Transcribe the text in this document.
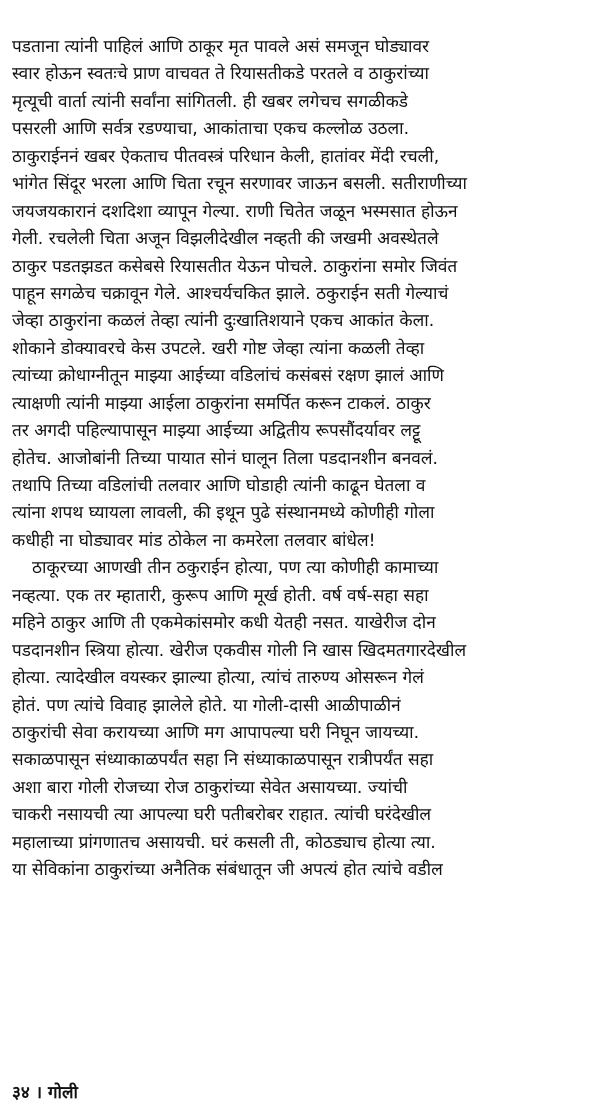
पडताना त्यांनी पाहिलं आणि ठाकूर मृत पावले असं समजून घोड्यावर
स्वार होऊन स्वतःचे प्राण वाचवत ते रियासतीकडे परतले व ठाकुरांच्या
मृत्यूची वार्ता त्यांनी सर्वांना सांगितली. ही खबर लगेचच सगळीकडे
पसरली आणि सर्वत्र रडण्याचा, आकांताचा एकच कल्लोळ उठला.
ठाकुराईननं खबर ऐकताच पीतवस्त्रं परिधान केली, हातांवर मेंदी रचली,
भांगेत सिंदूर भरला आणि चिता रचून सरणावर जाऊन बसली. सतीराणीच्या
जयजयकारानं दशदिशा व्यापून गेल्या. राणी चितेत जळून भस्मसात होऊन
गेली. रचलेली चिता अजून विझलीदेखील नव्हती की जखमी अवस्थेतले
ठाकुर पडतझडत कसेबसे रियासतीत येऊन पोचले. ठाकुरांना समोर जिवंत
पाहून सगळेच चक्रावून गेले. आश्चर्यचकित झाले. ठकुराईन सती गेल्याचं
जेव्हा ठाकुरांना कळलं तेव्हा त्यांनी दुःखातिशयाने एकच आकांत केला.
शोकाने डोक्यावरचे केस उपटले. खरी गोष्ट जेव्हा त्यांना कळली तेव्हा
त्यांच्या क्रोधाग्नीतून माझ्या आईच्या वडिलांचं कसंबसं रक्षण झालं आणि
त्याक्षणी त्यांनी माझ्या आईला ठाकुरांना समर्पित करून टाकलं. ठाकुर
तर अगदी पहिल्यापासून माझ्या आईच्या अद्वितीय रूपसौंदर्यावर लट्टू
होतेच. आजोबांनी तिच्या पायात सोनं घालून तिला पडदानशीन बनवलं.
तथापि तिच्या वडिलांची तलवार आणि घोडाही त्यांनी काढून घेतला व
त्यांना शपथ घ्यायला लावली, की इथून पुढे संस्थानमध्ये कोणीही गोला
कधीही ना घोड्यावर मांड ठोकेल ना कमरेला तलवार बांधेल!
ठाकूरच्या आणखी तीन ठकुराईन होत्या, पण त्या कोणीही कामाच्या
नव्हत्या. एक तर म्हातारी, कुरूप आणि मूर्ख होती. वर्ष वर्ष-सहा सहा
महिने ठाकुर आणि ती एकमेकांसमोर कधी येतही नसत. याखेरीज दोन
पडदानशीन स्त्रिया होत्या. खेरीज एकवीस गोली नि खास खिदमतगारदेखील
होत्या. त्यादेखील वयस्कर झाल्या होत्या, त्यांचं तारुण्य ओसरून गेलं
होतं. पण त्यांचे विवाह झालेले होते. या गोली-दासी आळीपाळीनं
ठाकुरांची सेवा करायच्या आणि मग आपापल्या घरी निघून जायच्या.
सकाळपासून संध्याकाळपर्यंत सहा नि संध्याकाळपासून रात्रीपर्यंत सहा
अशा बारा गोली रोजच्या रोज ठाकुरांच्या सेवेत असायच्या. ज्यांची
चाकरी नसायची त्या आपल्या घरी पतीबरोबर राहात. त्यांची घरंदेखील
महालाच्या प्रांगणातच असायची. घरं कसली ती, कोठड्याच होत्या त्या.
या सेविकांना ठाकुरांच्या अनैतिक संबंधातून जी अपत्यं होत त्यांचे वडील
३४ । गोली
